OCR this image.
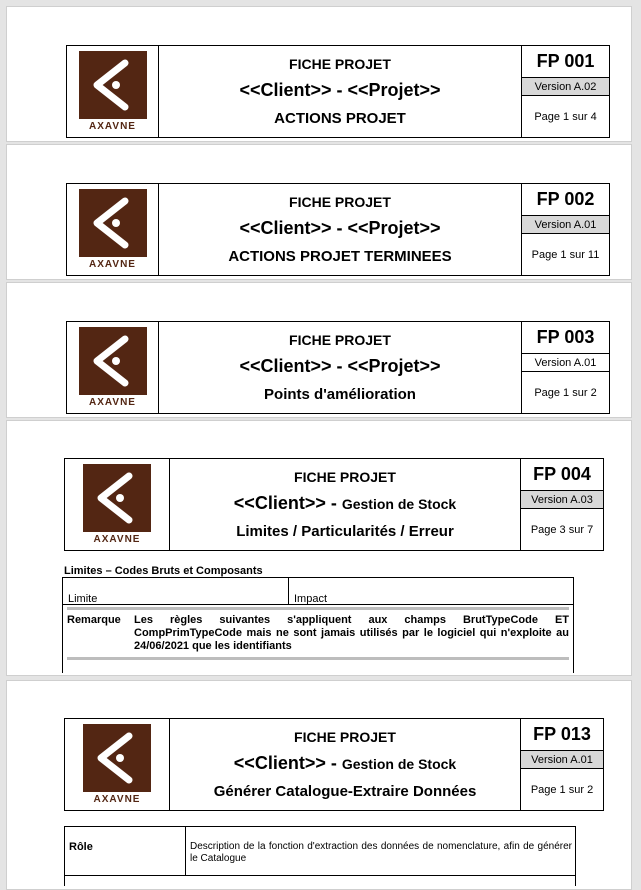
AXAVNE
FICHE PROJET
<<Client>> - <<Projet>>
ACTIONS PROJET
FP 001
Version A.02
Page 1 sur 4
AXAVNE
FICHE PROJET
<<Client>> - <<Projet>>
ACTIONS PROJET TERMINEES
FP 002
Version A.01
Page 1 sur 11
AXAVNE
FICHE PROJET
<<Client>> - <<Projet>>
Points d'amélioration
FP 003
Version A.01
Page 1 sur 2
AXAVNE
FICHE PROJET
<<Client>> - Gestion de Stock
Limites / Particularités / Erreur
FP 004
Version A.03
Page 3 sur 7
Limites – Codes Bruts et Composants
Limite	Impact
Remarque	Les règles suivantes s'appliquent aux champs BrutTypeCode ET CompPrimTypeCode mais ne sont jamais utilisés par le logiciel qui n'exploite au 24/06/2021 que les identifiants
AXAVNE
FICHE PROJET
<<Client>> - Gestion de Stock
Générer Catalogue-Extraire Données
FP 013
Version A.01
Page 1 sur 2
Rôle	Description de la fonction d'extraction des données de nomenclature, afin de générer le Catalogue
